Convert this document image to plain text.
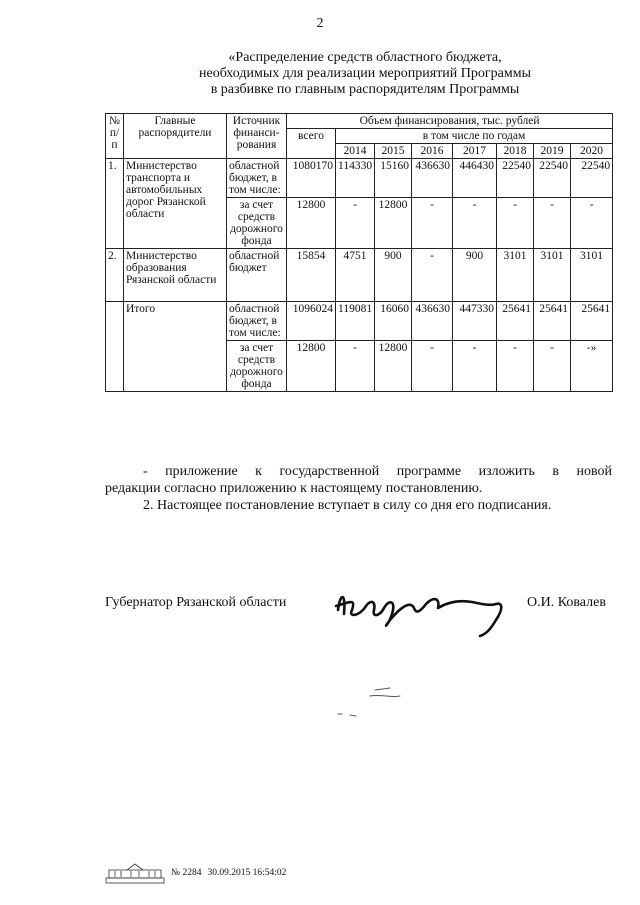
2
«Распределение средств областного бюджета,
необходимых для реализации мероприятий Программы
в разбивке по главным распорядителям Программы
№ п/п	Главные распорядители	Источник финанси-рования	Объем финансирования, тыс. рублей							
			всего	в том числе по годам						
				2014	2015	2016	2017	2018	2019	2020
1.	Министерство транспорта и автомобильных дорог Рязанской области	областной бюджет, в том числе:	1080170	114330	15160	436630	446430	22540	22540	22540
		за счет средств дорожного фонда	12800	-	12800	-	-	-	-	-
2.	Министерство образования Рязанской области	областной бюджет	15854	4751	900	-	900	3101	3101	3101
	Итого	областной бюджет, в том числе:	1096024	119081	16060	436630	447330	25641	25641	25641
		за счет средств дорожного фонда	12800	-	12800	-	-	-	-	-»
- приложение к государственной программе изложить в новой
редакции согласно приложению к настоящему постановлению.
2. Настоящее постановление вступает в силу со дня его подписания.
Губернатор Рязанской области	О.И. Ковалев
№ 2284 30.09.2015 16:54:02
